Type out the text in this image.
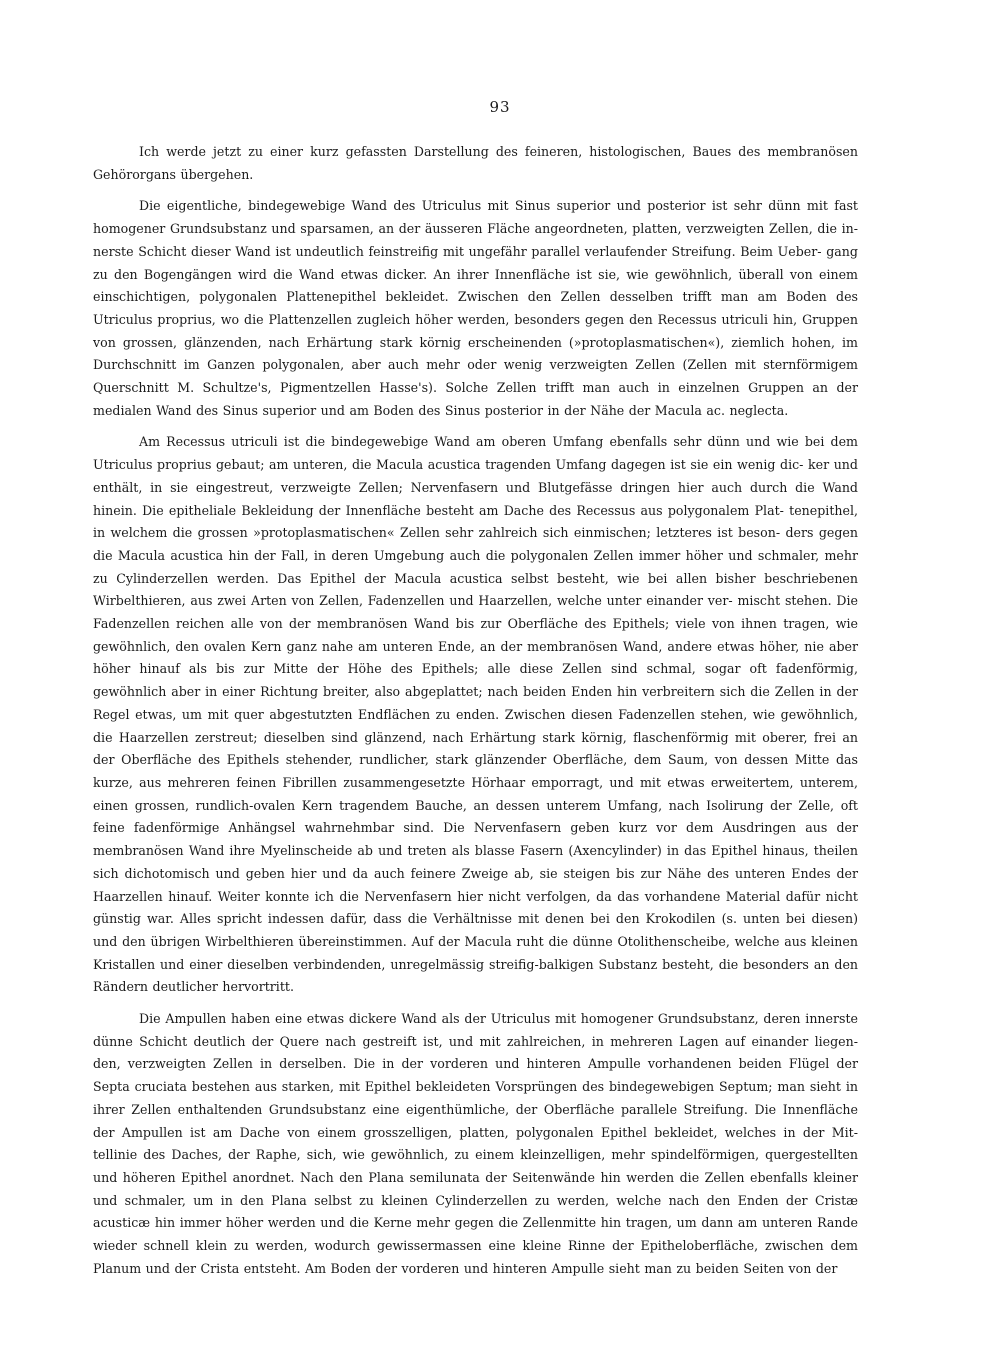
93

Ich werde jetzt zu einer kurz gefassten Darstellung des feineren, histologischen, Baues des membranösen Gehörorgans übergehen.

Die eigentliche, bindegewebige Wand des Utriculus mit Sinus superior und posterior ist sehr dünn mit fast homogener Grundsubstanz und sparsamen, an der äusseren Fläche angeordneten, platten, verzweigten Zellen, die in- nerste Schicht dieser Wand ist undeutlich feinstreifig mit ungefähr parallel verlaufender Streifung. Beim Ueber- gang zu den Bogengängen wird die Wand etwas dicker. An ihrer Innenfläche ist sie, wie gewöhnlich, überall von einem einschichtigen, polygonalen Plattenepithel bekleidet. Zwischen den Zellen desselben trifft man am Boden des Utriculus proprius, wo die Plattenzellen zugleich höher werden, besonders gegen den Recessus utriculi hin, Gruppen von grossen, glänzenden, nach Erhärtung stark körnig erscheinenden (»protoplasmatischen«), ziemlich hohen, im Durchschnitt im Ganzen polygonalen, aber auch mehr oder wenig verzweigten Zellen (Zellen mit sternförmigem Querschnitt M. Schultze's, Pigmentzellen Hasse's). Solche Zellen trifft man auch in einzelnen Gruppen an der medialen Wand des Sinus superior und am Boden des Sinus posterior in der Nähe der Macula ac. neglecta.

Am Recessus utriculi ist die bindegewebige Wand am oberen Umfang ebenfalls sehr dünn und wie bei dem Utriculus proprius gebaut; am unteren, die Macula acustica tragenden Umfang dagegen ist sie ein wenig dic- ker und enthält, in sie eingestreut, verzweigte Zellen; Nervenfasern und Blutgefässe dringen hier auch durch die Wand hinein. Die epitheliale Bekleidung der Innenfläche besteht am Dache des Recessus aus polygonalem Plat- tenepithel, in welchem die grossen »protoplasmatischen« Zellen sehr zahlreich sich einmischen; letzteres ist beson- ders gegen die Macula acustica hin der Fall, in deren Umgebung auch die polygonalen Zellen immer höher und schmaler, mehr zu Cylinderzellen werden. Das Epithel der Macula acustica selbst besteht, wie bei allen bisher beschriebenen Wirbelthieren, aus zwei Arten von Zellen, Fadenzellen und Haarzellen, welche unter einander ver- mischt stehen. Die Fadenzellen reichen alle von der membranösen Wand bis zur Oberfläche des Epithels; viele von ihnen tragen, wie gewöhnlich, den ovalen Kern ganz nahe am unteren Ende, an der membranösen Wand, andere etwas höher, nie aber höher hinauf als bis zur Mitte der Höhe des Epithels; alle diese Zellen sind schmal, sogar oft fadenförmig, gewöhnlich aber in einer Richtung breiter, also abgeplattet; nach beiden Enden hin verbreitern sich die Zellen in der Regel etwas, um mit quer abgestutzten Endflächen zu enden. Zwischen diesen Fadenzellen stehen, wie gewöhnlich, die Haarzellen zerstreut; dieselben sind glänzend, nach Erhärtung stark körnig, flaschenförmig mit oberer, frei an der Oberfläche des Epithels stehender, rundlicher, stark glänzender Oberfläche, dem Saum, von dessen Mitte das kurze, aus mehreren feinen Fibrillen zusammengesetzte Hörhaar emporragt, und mit etwas erweitertem, unterem, einen grossen, rundlich-ovalen Kern tragendem Bauche, an dessen unterem Umfang, nach Isolirung der Zelle, oft feine fadenförmige Anhängsel wahrnehmbar sind. Die Nervenfasern geben kurz vor dem Ausdringen aus der membranösen Wand ihre Myelinscheide ab und treten als blasse Fasern (Axencylinder) in das Epithel hinaus, theilen sich dichotomisch und geben hier und da auch feinere Zweige ab, sie steigen bis zur Nähe des unteren Endes der Haarzellen hinauf. Weiter konnte ich die Nervenfasern hier nicht verfolgen, da das vorhandene Material dafür nicht günstig war. Alles spricht indessen dafür, dass die Verhältnisse mit denen bei den Krokodilen (s. unten bei diesen) und den übrigen Wirbelthieren übereinstimmen. Auf der Macula ruht die dünne Otolithenscheibe, welche aus kleinen Kristallen und einer dieselben verbindenden, unregelmässig streifig-balkigen Substanz besteht, die besonders an den Rändern deutlicher hervortritt.

Die Ampullen haben eine etwas dickere Wand als der Utriculus mit homogener Grundsubstanz, deren innerste dünne Schicht deutlich der Quere nach gestreift ist, und mit zahlreichen, in mehreren Lagen auf einander liegen- den, verzweigten Zellen in derselben. Die in der vorderen und hinteren Ampulle vorhandenen beiden Flügel der Septa cruciata bestehen aus starken, mit Epithel bekleideten Vorsprüngen des bindegewebigen Septum; man sieht in ihrer Zellen enthaltenden Grundsubstanz eine eigenthümliche, der Oberfläche parallele Streifung. Die Innenfläche der Ampullen ist am Dache von einem grosszelligen, platten, polygonalen Epithel bekleidet, welches in der Mit- tellinie des Daches, der Raphe, sich, wie gewöhnlich, zu einem kleinzelligen, mehr spindelförmigen, quergestellten und höheren Epithel anordnet. Nach den Plana semilunata der Seitenwände hin werden die Zellen ebenfalls kleiner und schmaler, um in den Plana selbst zu kleinen Cylinderzellen zu werden, welche nach den Enden der Cristæ acusticæ hin immer höher werden und die Kerne mehr gegen die Zellenmitte hin tragen, um dann am unteren Rande wieder schnell klein zu werden, wodurch gewissermassen eine kleine Rinne der Epitheloberfläche, zwischen dem Planum und der Crista entsteht. Am Boden der vorderen und hinteren Ampulle sieht man zu beiden Seiten von der
